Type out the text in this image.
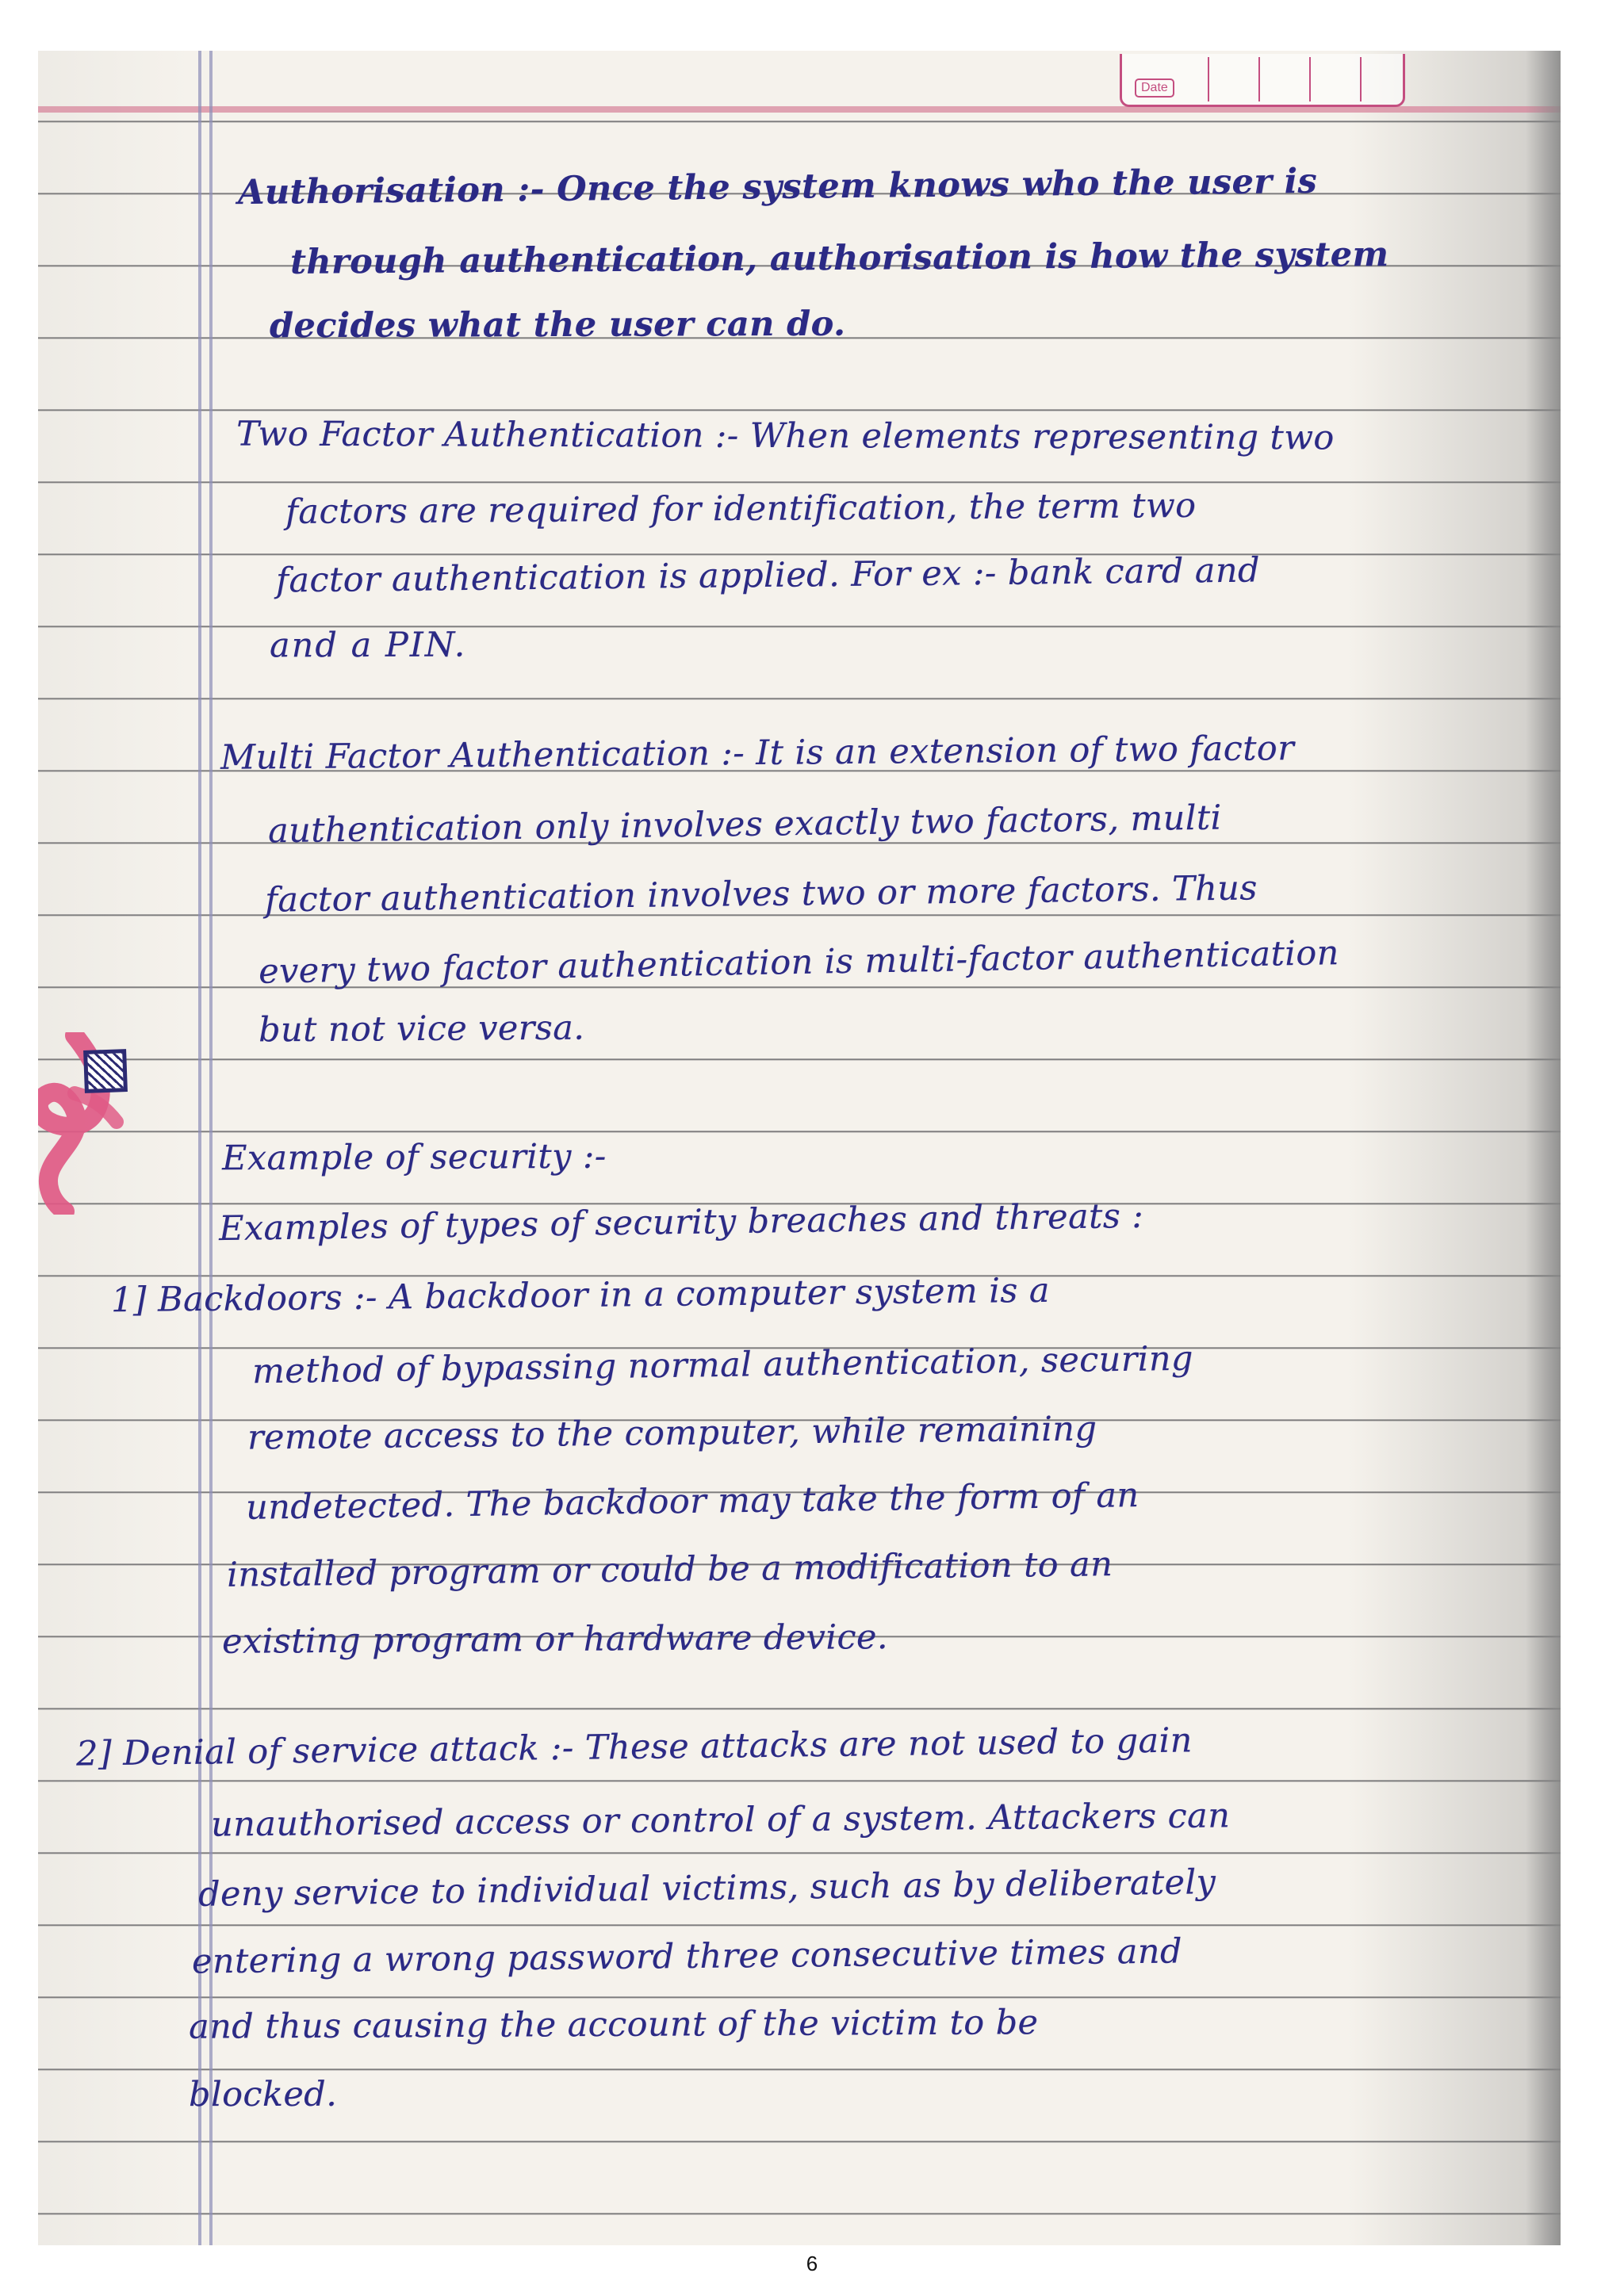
Date
Authorisation :- Once the system knows who the user is
through authentication, authorisation is how the system
decides what the user can do.
Two Factor Authentication :- When elements representing two
factors are required for identification, the term two
factor authentication is applied. For ex :- bank card and
and a PIN.
Multi Factor Authentication :- It is an extension of two factor
authentication only involves exactly two factors, multi
factor authentication involves two or more factors. Thus
every two factor authentication is multi-factor authentication
but not vice versa.
Example of security :-
Examples of types of security breaches and threats :
1] Backdoors :- A backdoor in a computer system is a
method of bypassing normal authentication, securing
remote access to the computer, while remaining
undetected. The backdoor may take the form of an
installed program or could be a modification to an
existing program or hardware device.
2] Denial of service attack :- These attacks are not used to gain
unauthorised access or control of a system. Attackers can
deny service to individual victims, such as by deliberately
entering a wrong password three consecutive times and
and thus causing the account of the victim to be
blocked.
6
